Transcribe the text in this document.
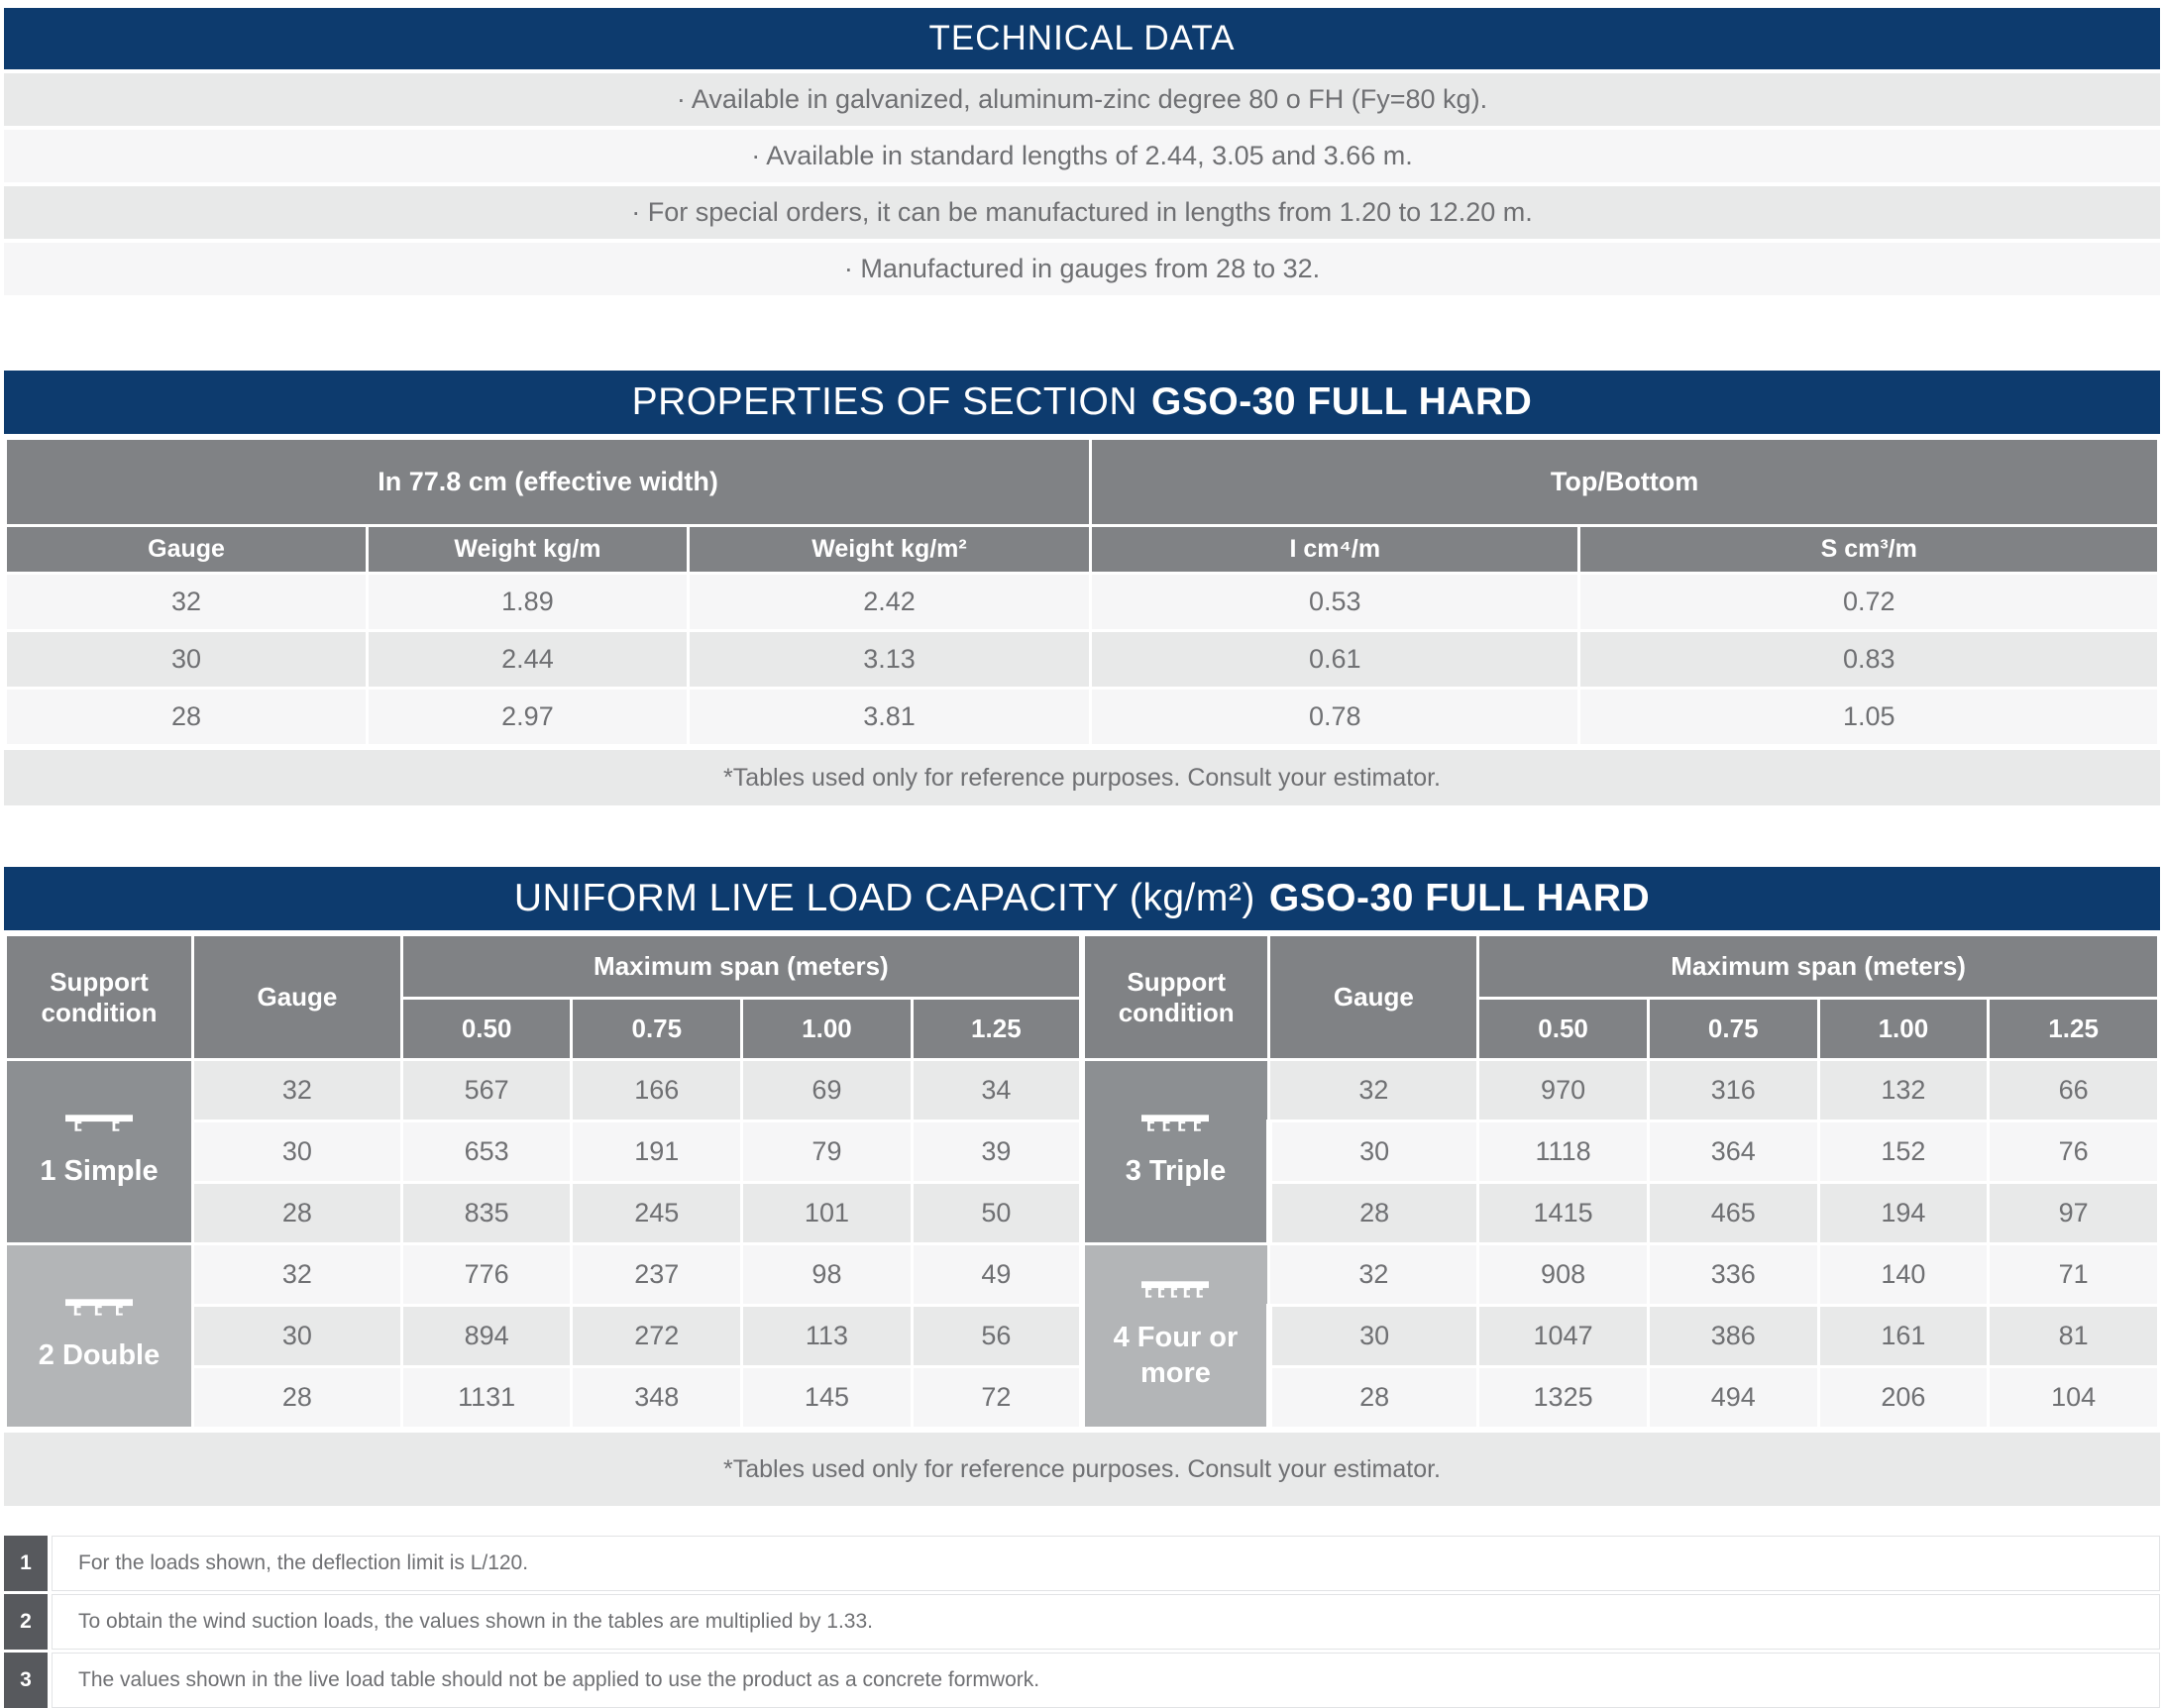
TECHNICAL DATA
· Available in galvanized, aluminum-zinc degree 80 o FH (Fy=80 kg).
· Available in standard lengths of 2.44, 3.05 and 3.66 m.
· For special orders, it can be manufactured in lengths from 1.20 to 12.20 m.
· Manufactured in gauges from 28 to 32.
PROPERTIES OF SECTION GSO-30 FULL HARD
In 77.8 cm (effective width)			Top/Bottom	
Gauge	Weight kg/m	Weight kg/m²	I cm⁴/m	S cm³/m
32	1.89	2.42	0.53	0.72
30	2.44	3.13	0.61	0.83
28	2.97	3.81	0.78	1.05
*Tables used only for reference purposes. Consult your estimator.
UNIFORM LIVE LOAD CAPACITY (kg/m²) GSO-30 FULL HARD
Support condition	Gauge	Maximum span (meters)				Support condition	Gauge	Maximum span (meters)			
		0.50	0.75	1.00	1.25			0.50	0.75	1.00	1.25

1 Simple	32	567	166	69	34	3 Triple	32	970	316	132	66
	30	653	191	79	39		30	1118	364	152	76
	28	835	245	101	50		28	1415	465	194	97

2 Double	32	776	237	98	49	4 Four or more	32	908	336	140	71
	30	894	272	113	56		30	1047	386	161	81
	28	1131	348	145	72		28	1325	494	206	104
*Tables used only for reference purposes. Consult your estimator.
1	For the loads shown, the deflection limit is L/120.
2	To obtain the wind suction loads, the values shown in the tables are multiplied by 1.33.
3	The values shown in the live load table should not be applied to use the product as a concrete formwork.
